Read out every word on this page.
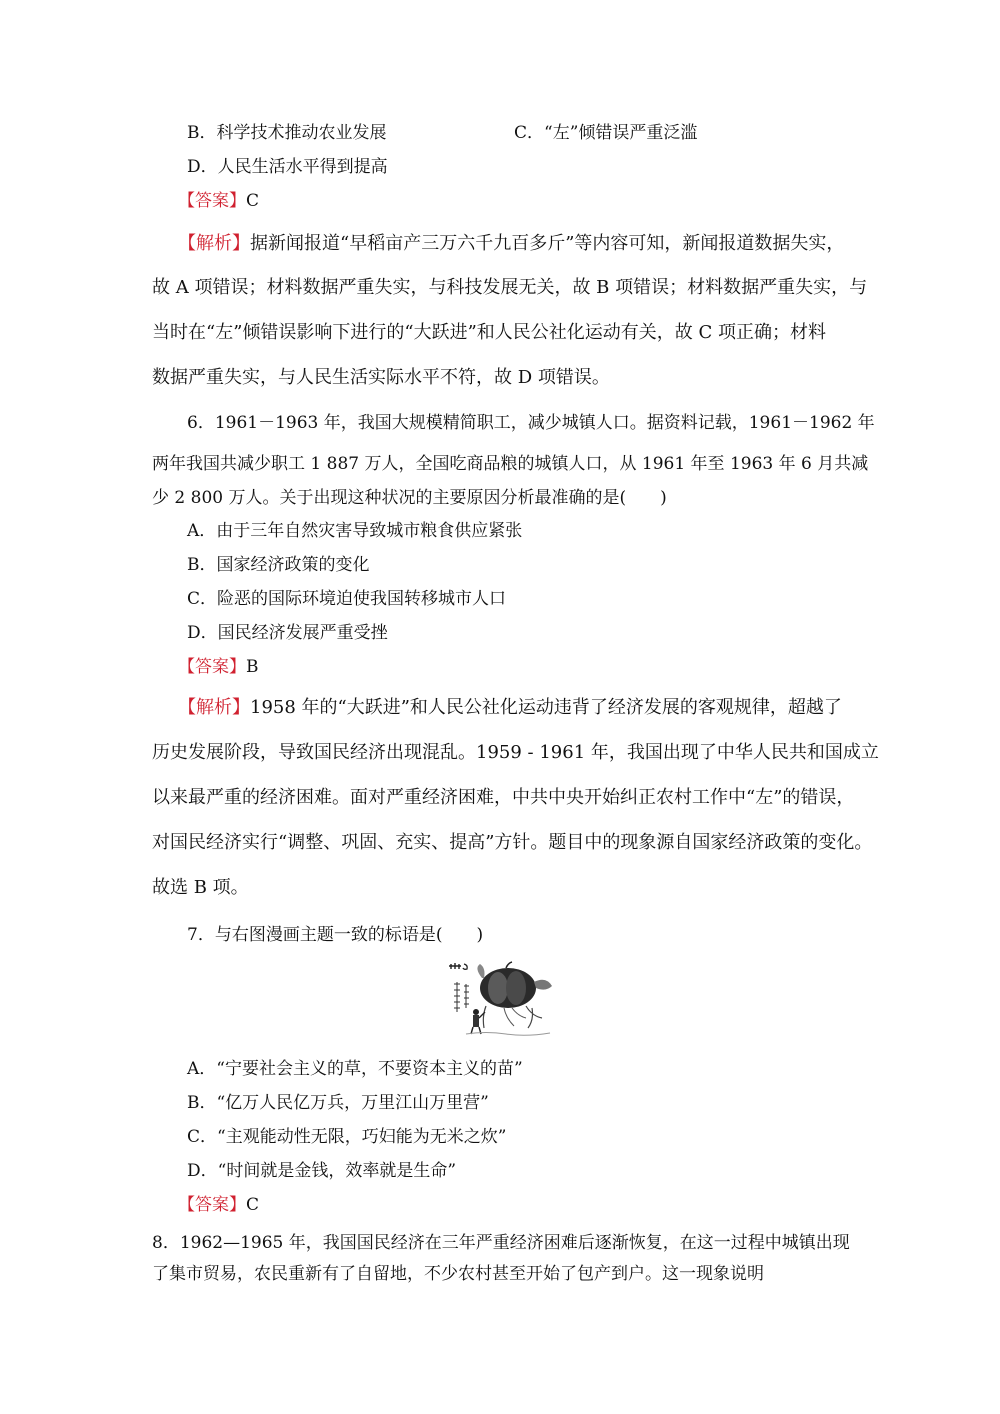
B．科学技术推动农业发展	C．“左”倾错误严重泛滥
D．人民生活水平得到提高
【答案】C
【解析】据新闻报道“早稻亩产三万六千九百多斤”等内容可知，新闻报道数据失实，
故 A 项错误；材料数据严重失实，与科技发展无关，故 B 项错误；材料数据严重失实，与
当时在“左”倾错误影响下进行的“大跃进”和人民公社化运动有关，故 C 项正确；材料
数据严重失实，与人民生活实际水平不符，故 D 项错误。
6．1961－1963 年，我国大规模精简职工，减少城镇人口。据资料记载，1961－1962 年
两年我国共减少职工 1 887 万人，全国吃商品粮的城镇人口，从 1961 年至 1963 年 6 月共减
少 2 800 万人。关于出现这种状况的主要原因分析最准确的是(　　)
A．由于三年自然灾害导致城市粮食供应紧张
B．国家经济政策的变化
C．险恶的国际环境迫使我国转移城市人口
D．国民经济发展严重受挫
【答案】B
【解析】1958 年的“大跃进”和人民公社化运动违背了经济发展的客观规律，超越了
历史发展阶段，导致国民经济出现混乱。1959 - 1961 年，我国出现了中华人民共和国成立
以来最严重的经济困难。面对严重经济困难，中共中央开始纠正农村工作中“左”的错误，
对国民经济实行“调整、巩固、充实、提高”方针。题目中的现象源自国家经济政策的变化。
故选 B 项。
7．与右图漫画主题一致的标语是(　　)
A．“宁要社会主义的草，不要资本主义的苗”
B．“亿万人民亿万兵，万里江山万里营”
C．“主观能动性无限，巧妇能为无米之炊”
D．“时间就是金钱，效率就是生命”
【答案】C
8．1962—1965 年，我国国民经济在三年严重经济困难后逐渐恢复，在这一过程中城镇出现
了集市贸易，农民重新有了自留地，不少农村甚至开始了包产到户。这一现象说明
